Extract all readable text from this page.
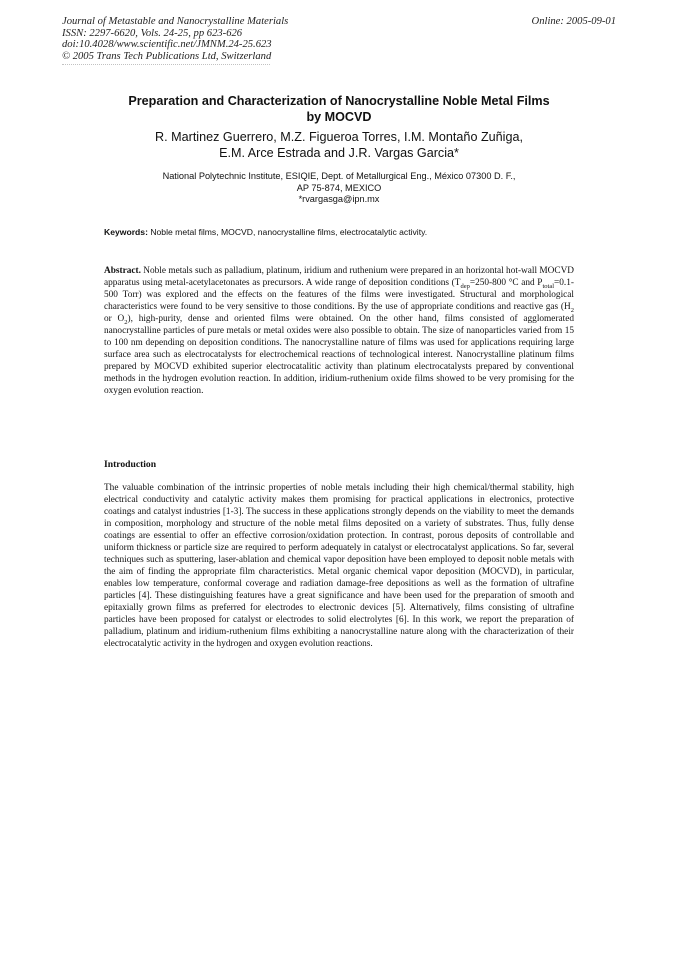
Journal of Metastable and Nanocrystalline Materials
ISSN: 2297-6620, Vols. 24-25, pp 623-626
doi:10.4028/www.scientific.net/JMNM.24-25.623
© 2005 Trans Tech Publications Ltd, Switzerland
Online: 2005-09-01
Preparation and Characterization of Nanocrystalline Noble Metal Films
by MOCVD
R. Martinez Guerrero, M.Z. Figueroa Torres, I.M. Montaño Zuñiga,
E.M. Arce Estrada and J.R. Vargas Garcia*
National Polytechnic Institute, ESIQIE, Dept. of Metallurgical Eng., México 07300 D. F.,
AP 75-874, MEXICO
*rvargasga@ipn.mx
Keywords: Noble metal films, MOCVD, nanocrystalline films, electrocatalytic activity.
Abstract. Noble metals such as palladium, platinum, iridium and ruthenium were prepared in an horizontal hot-wall MOCVD apparatus using metal-acetylacetonates as precursors. A wide range of deposition conditions ($T_{dep}=250-800$ °C and $P_{total}=0.1-500$ Torr) was explored and the effects on the features of the films were investigated. Structural and morphological characteristics were found to be very sensitive to those conditions. By the use of appropriate conditions and reactive gas ($H_2$ or $O_2$), high-purity, dense and oriented films were obtained. On the other hand, films consisted of agglomerated nanocrystalline particles of pure metals or metal oxides were also possible to obtain. The size of nanoparticles varied from 15 to 100 nm depending on deposition conditions. The nanocrystalline nature of films was used for applications requiring large surface area such as electrocatalysts for electrochemical reactions of technological interest. Nanocrystalline platinum films prepared by MOCVD exhibited superior electrocatalitic activity than platinum electrocatalysts prepared by conventional methods in the hydrogen evolution reaction. In addition, iridium-ruthenium oxide films showed to be very promising for the oxygen evolution reaction.
Introduction
The valuable combination of the intrinsic properties of noble metals including their high chemical/thermal stability, high electrical conductivity and catalytic activity makes them promising for practical applications in electronics, protective coatings and catalyst industries [1-3]. The success in these applications strongly depends on the viability to meet the demands in composition, morphology and structure of the noble metal films deposited on a variety of substrates. Thus, fully dense coatings are essential to offer an effective corrosion/oxidation protection. In contrast, porous deposits of controllable and uniform thickness or particle size are required to perform adequately in catalyst or electrocatalyst applications. So far, several techniques such as sputtering, laser-ablation and chemical vapor deposition have been employed to deposit noble metals with the aim of finding the appropriate film characteristics. Metal organic chemical vapor deposition (MOCVD), in particular, enables low temperature, conformal coverage and radiation damage-free depositions as well as the formation of ultrafine particles [4]. These distinguishing features have a great significance and have been used for the preparation of smooth and epitaxially grown films as preferred for electrodes to electronic devices [5]. Alternatively, films consisting of ultrafine particles have been proposed for catalyst or electrodes to solid electrolytes [6]. In this work, we report the preparation of palladium, platinum and iridium-ruthenium films exhibiting a nanocrystalline nature along with the characterization of their electrocatalytic activity in the hydrogen and oxygen evolution reactions.
